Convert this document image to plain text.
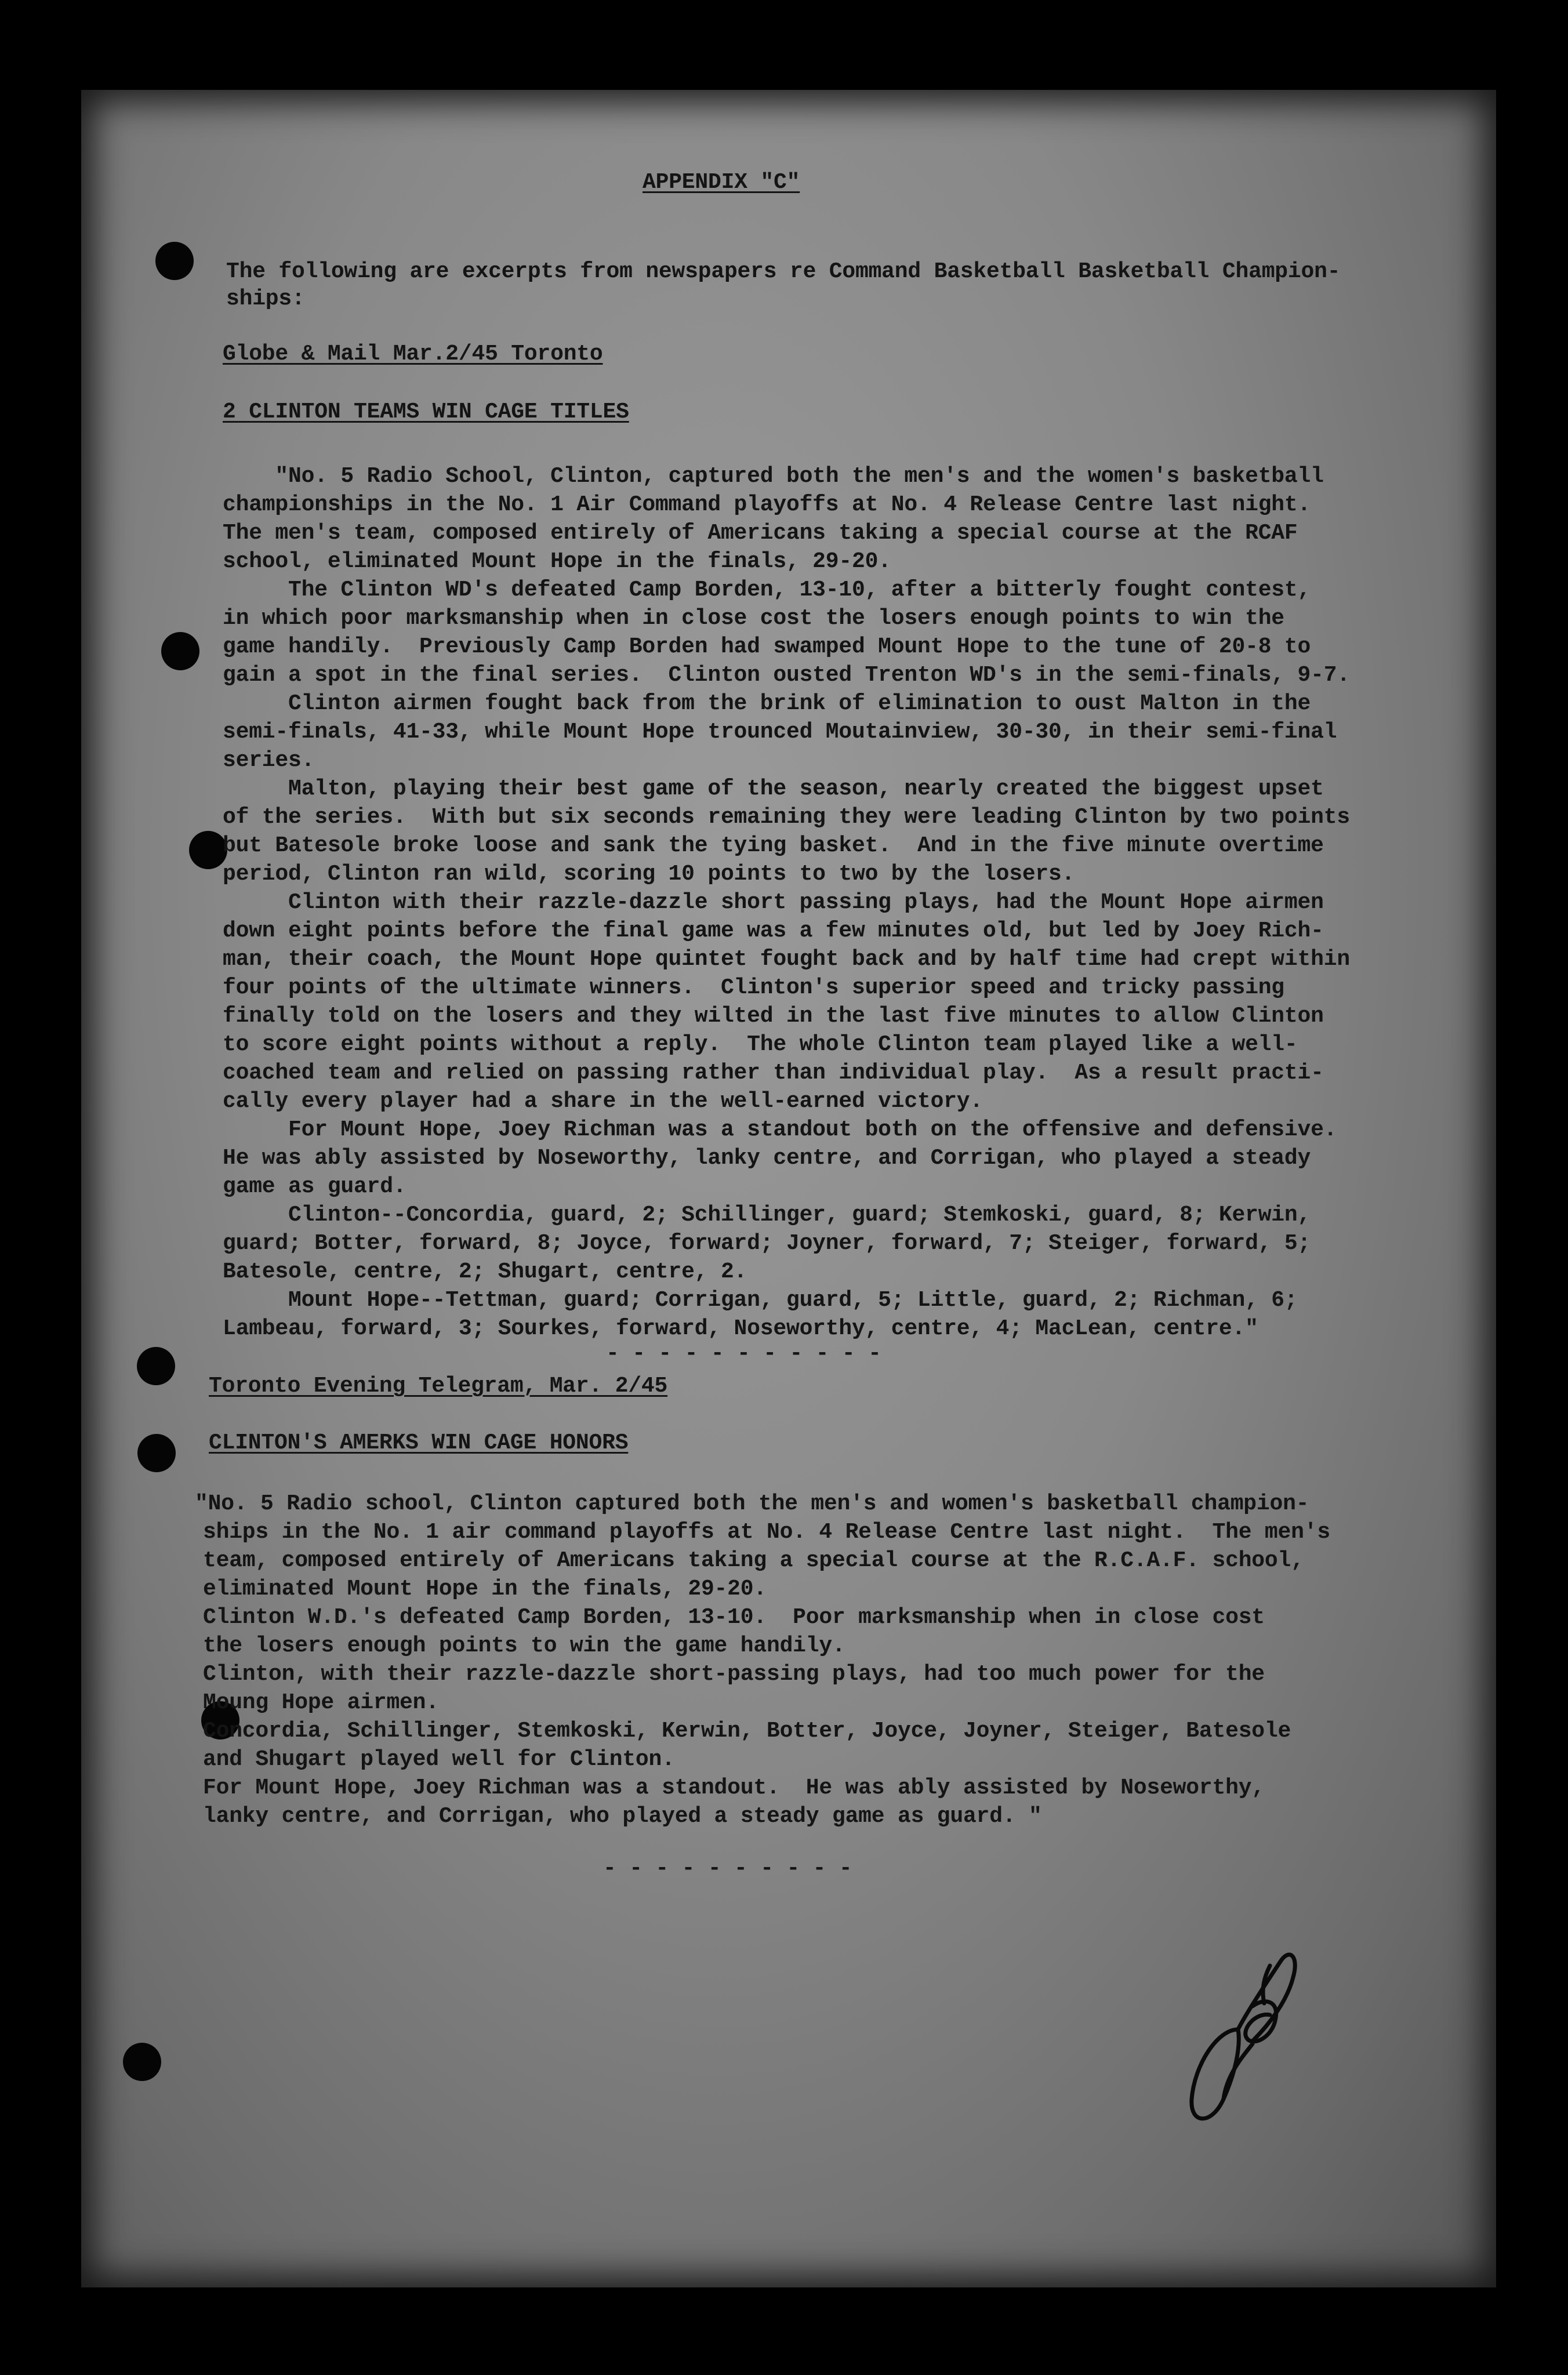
APPENDIX "C"
The following are excerpts from newspapers re Command Basketball Basketball Champion-
ships:
Globe & Mail Mar.2/45 Toronto
2 CLINTON TEAMS WIN CAGE TITLES
"No. 5 Radio School, Clinton, captured both the men's and the women's basketball
championships in the No. 1 Air Command playoffs at No. 4 Release Centre last night.
The men's team, composed entirely of Americans taking a special course at the RCAF
school, eliminated Mount Hope in the finals, 29-20.
The Clinton WD's defeated Camp Borden, 13-10, after a bitterly fought contest,
in which poor marksmanship when in close cost the losers enough points to win the
game handily.  Previously Camp Borden had swamped Mount Hope to the tune of 20-8 to
gain a spot in the final series.  Clinton ousted Trenton WD's in the semi-finals, 9-7.
Clinton airmen fought back from the brink of elimination to oust Malton in the
semi-finals, 41-33, while Mount Hope trounced Moutainview, 30-30, in their semi-final
series.
Malton, playing their best game of the season, nearly created the biggest upset
of the series.  With but six seconds remaining they were leading Clinton by two points
but Batesole broke loose and sank the tying basket.  And in the five minute overtime
period, Clinton ran wild, scoring 10 points to two by the losers.
Clinton with their razzle-dazzle short passing plays, had the Mount Hope airmen
down eight points before the final game was a few minutes old, but led by Joey Rich-
man, their coach, the Mount Hope quintet fought back and by half time had crept within
four points of the ultimate winners.  Clinton's superior speed and tricky passing
finally told on the losers and they wilted in the last five minutes to allow Clinton
to score eight points without a reply.  The whole Clinton team played like a well-
coached team and relied on passing rather than individual play.  As a result practi-
cally every player had a share in the well-earned victory.
For Mount Hope, Joey Richman was a standout both on the offensive and defensive.
He was ably assisted by Noseworthy, lanky centre, and Corrigan, who played a steady
game as guard.
Clinton--Concordia, guard, 2; Schillinger, guard; Stemkoski, guard, 8; Kerwin,
guard; Botter, forward, 8; Joyce, forward; Joyner, forward, 7; Steiger, forward, 5;
Batesole, centre, 2; Shugart, centre, 2.
Mount Hope--Tettman, guard; Corrigan, guard, 5; Little, guard, 2; Richman, 6;
Lambeau, forward, 3; Sourkes, forward, Noseworthy, centre, 4; MacLean, centre."
- - - - - - - - - - -
Toronto Evening Telegram, Mar. 2/45
CLINTON'S AMERKS WIN CAGE HONORS
"No. 5 Radio school, Clinton captured both the men's and women's basketball champion-
ships in the No. 1 air command playoffs at No. 4 Release Centre last night.  The men's
team, composed entirely of Americans taking a special course at the R.C.A.F. school,
eliminated Mount Hope in the finals, 29-20.
Clinton W.D.'s defeated Camp Borden, 13-10.  Poor marksmanship when in close cost
the losers enough points to win the game handily.
Clinton, with their razzle-dazzle short-passing plays, had too much power for the
Moung Hope airmen.
Concordia, Schillinger, Stemkoski, Kerwin, Botter, Joyce, Joyner, Steiger, Batesole
and Shugart played well for Clinton.
For Mount Hope, Joey Richman was a standout.  He was ably assisted by Noseworthy,
lanky centre, and Corrigan, who played a steady game as guard. "
- - - - - - - - - -
